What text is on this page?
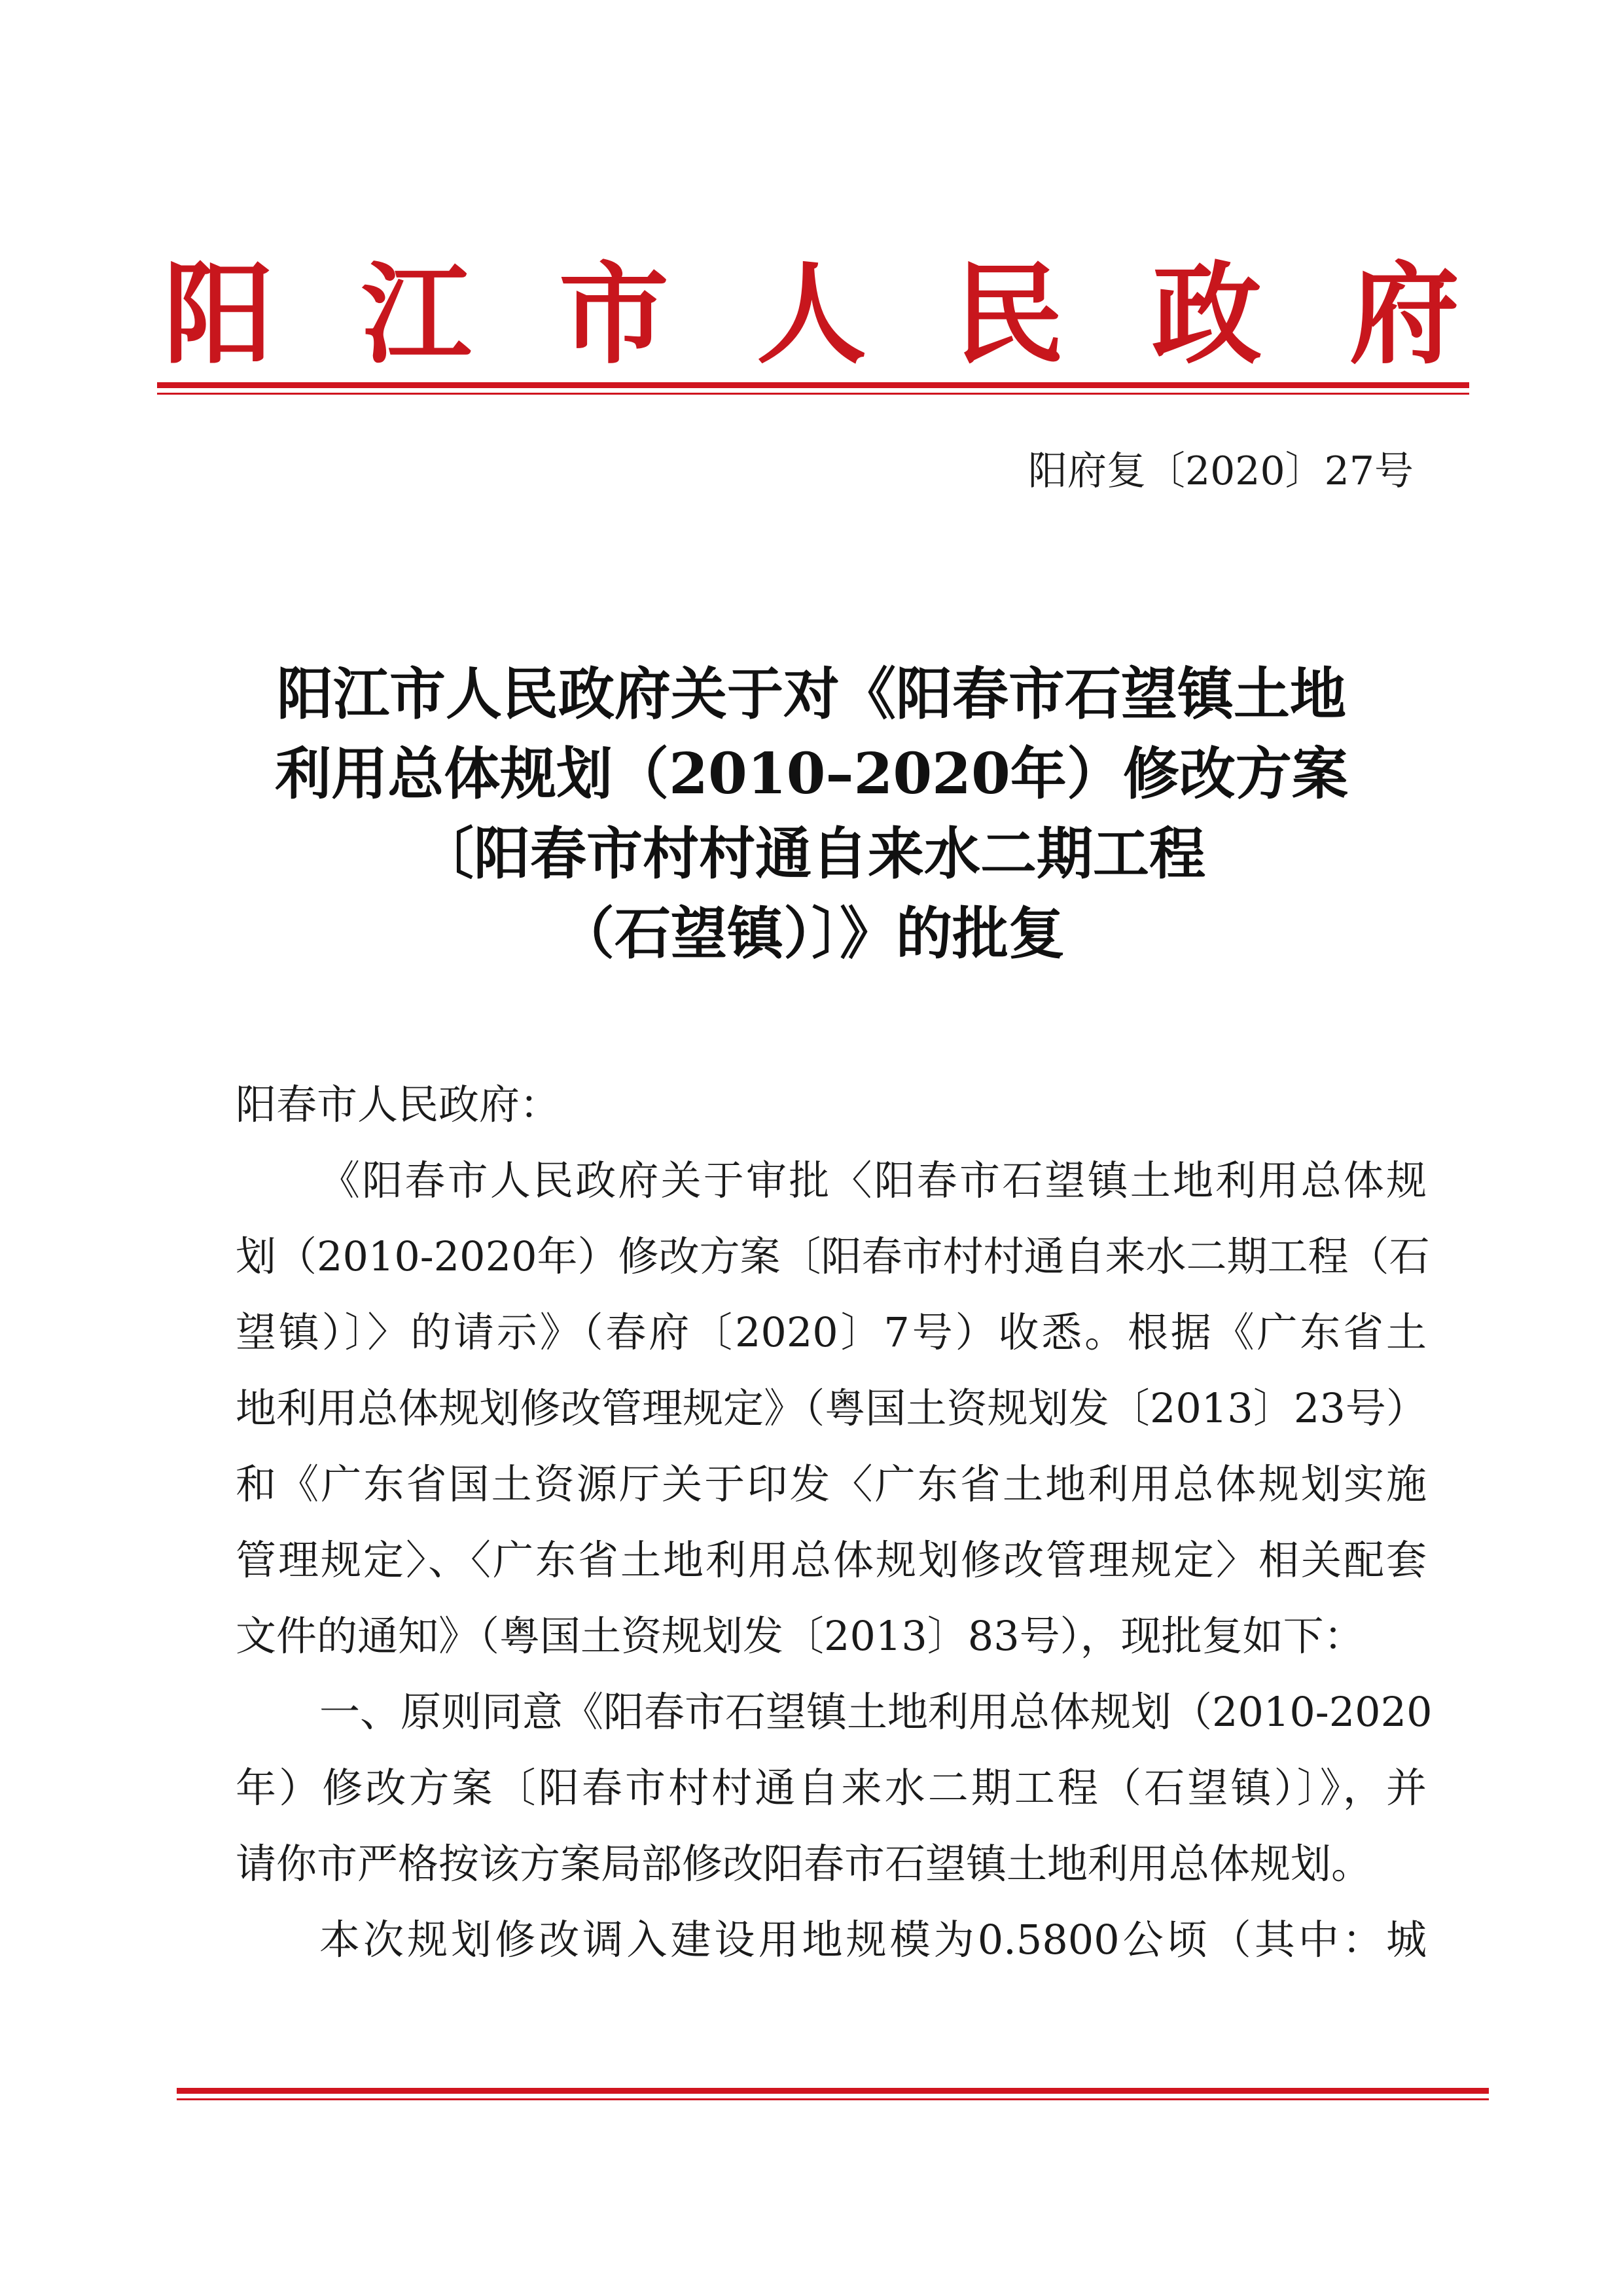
阳 江 市 人 民 政 府
阳府复〔2020〕27号
阳江市人民政府关于对《阳春市石望镇土地
利用总体规划（2010–2020年）修改方案
〔阳春市村村通自来水二期工程
（石望镇）〕》的批复
阳春市人民政府：
《阳春市人民政府关于审批〈阳春市石望镇土地利用总体规
划（2010-2020年）修改方案〔阳春市村村通自来水二期工程（石
望镇）〕〉的请示》（春府〔2020〕7号）收悉。根据《广东省土
地利用总体规划修改管理规定》（粤国土资规划发〔2013〕23号）
和《广东省国土资源厅关于印发〈广东省土地利用总体规划实施
管理规定〉、〈广东省土地利用总体规划修改管理规定〉相关配套
文件的通知》（粤国土资规划发〔2013〕83号），现批复如下：
一、原则同意《阳春市石望镇土地利用总体规划（2010-2020
年）修改方案〔阳春市村村通自来水二期工程（石望镇）〕》，并
请你市严格按该方案局部修改阳春市石望镇土地利用总体规划。
本次规划修改调入建设用地规模为0.5800公顷（其中：城
